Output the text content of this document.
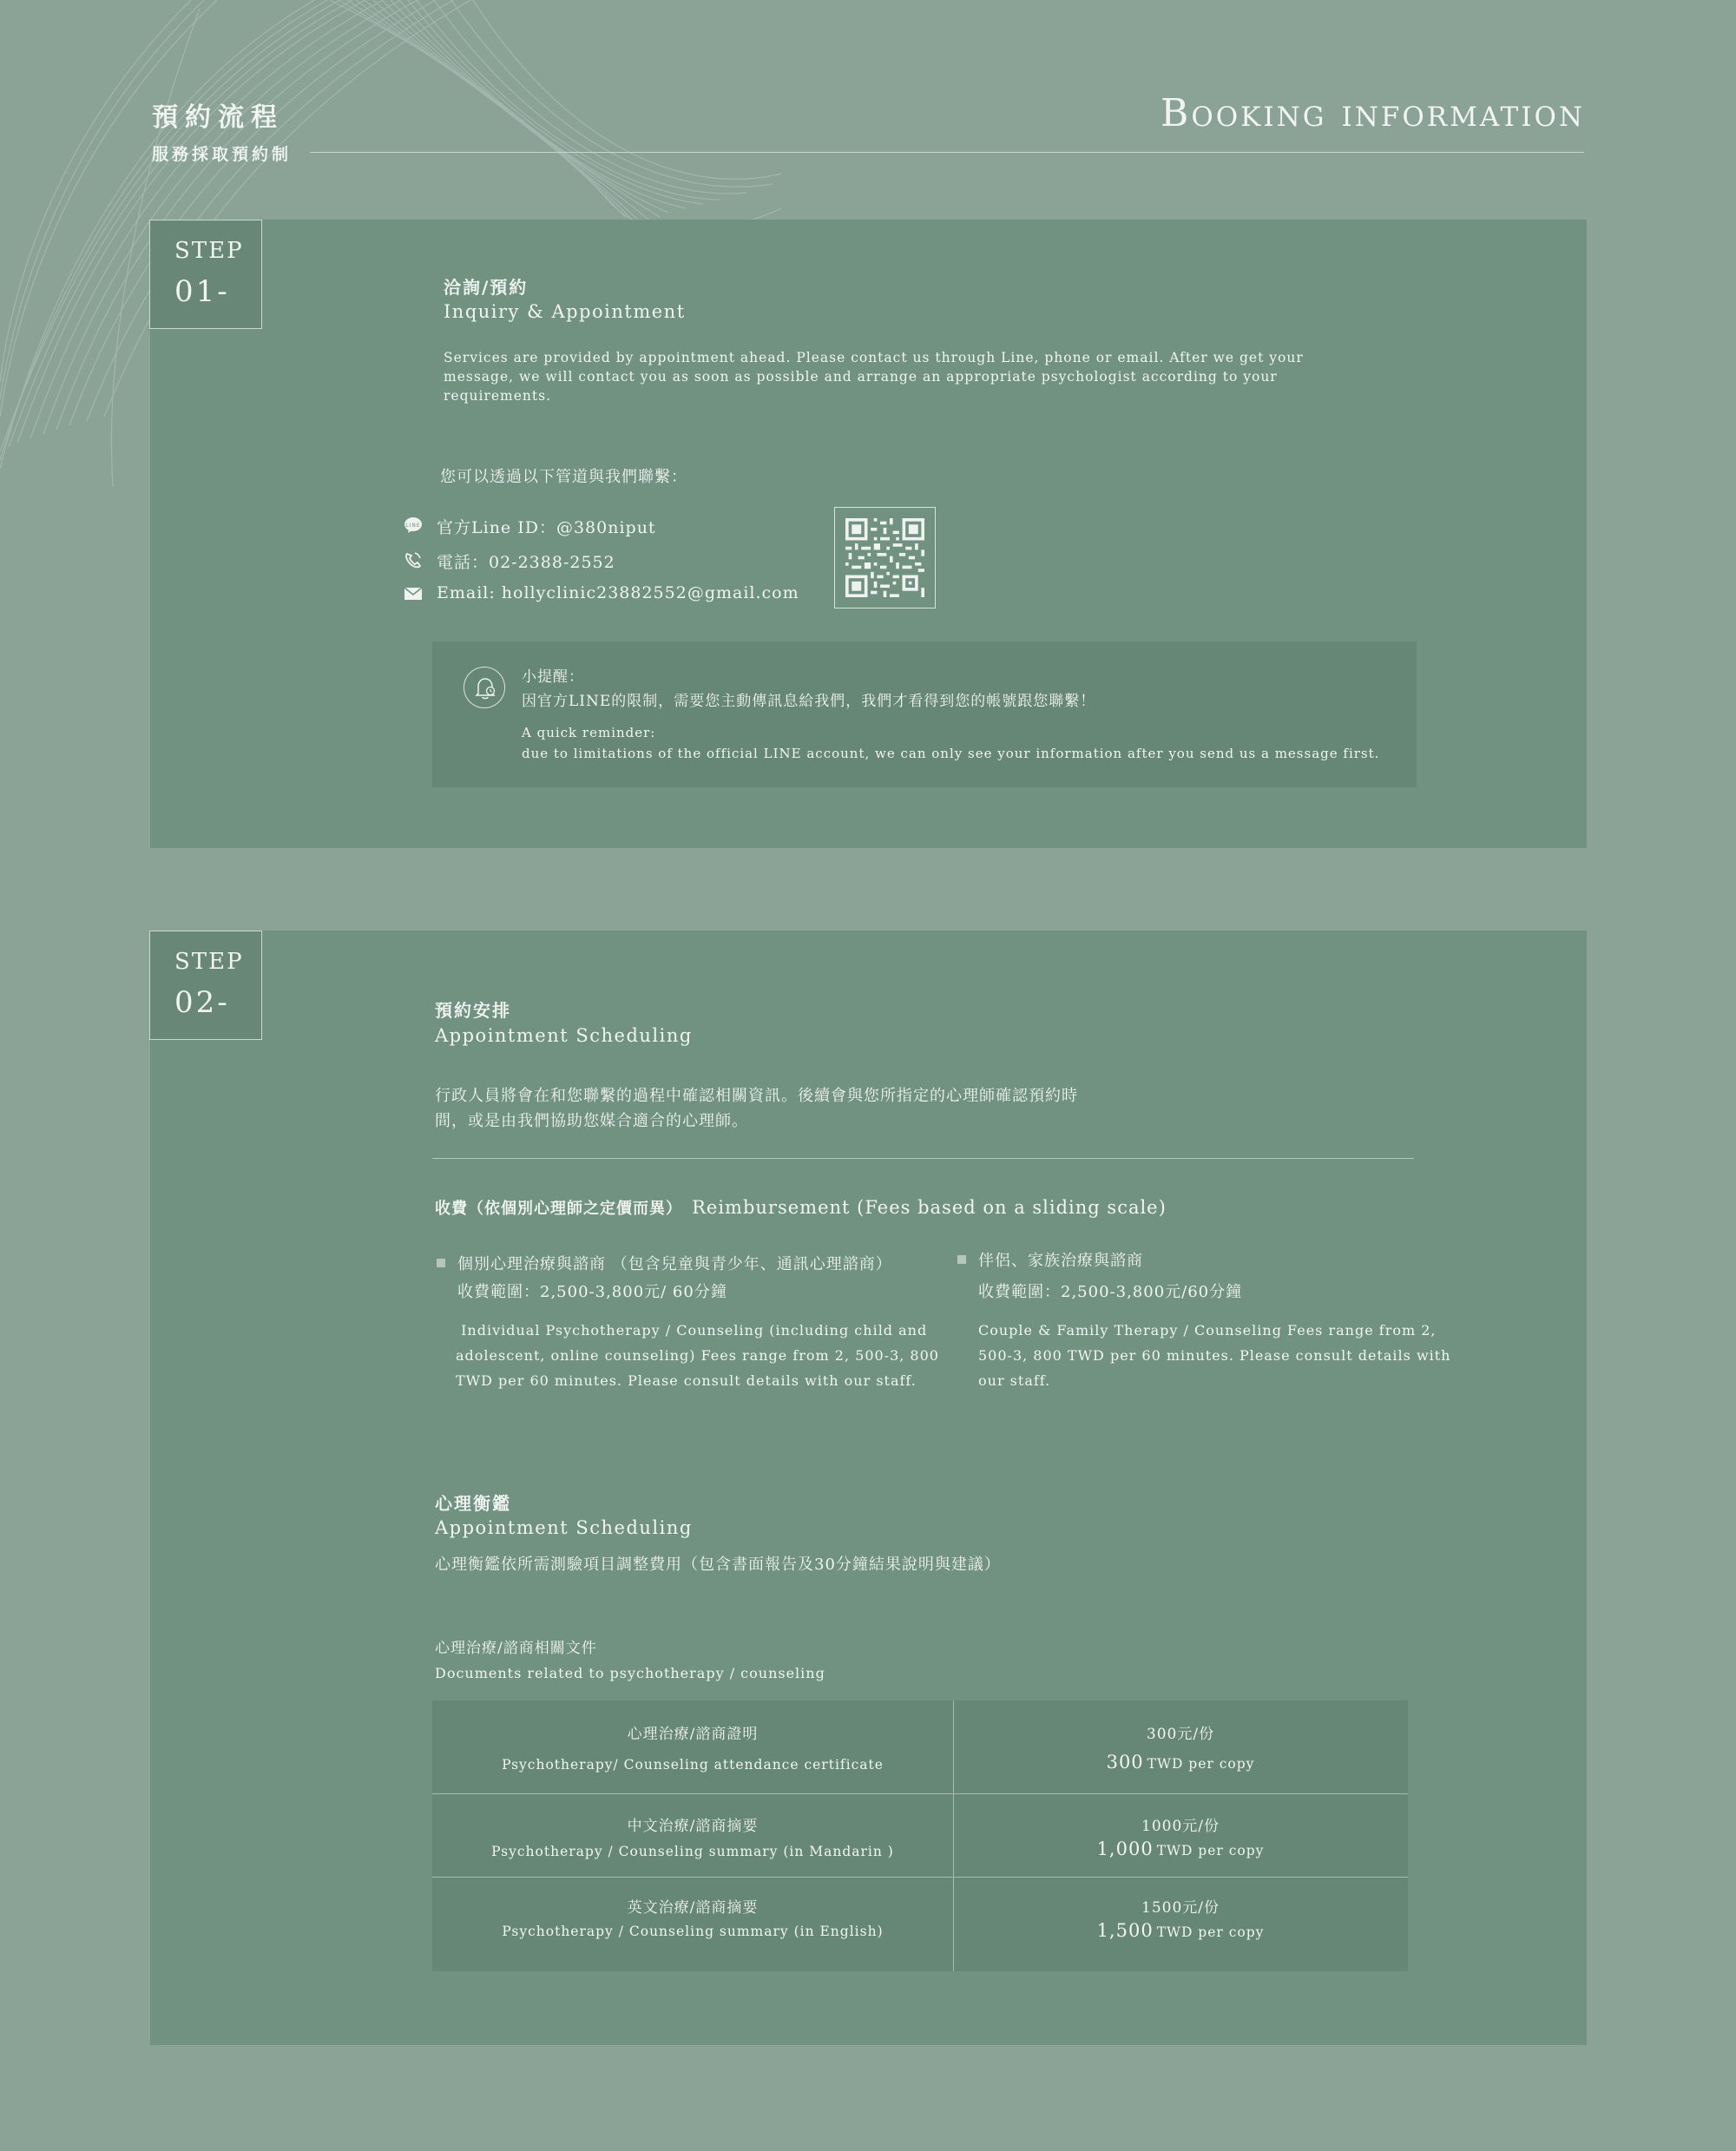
預約流程
服務採取預約制
Booking information
STEP
01-	洽詢/預約
Inquiry & Appointment
Services are provided by appointment ahead. Please contact us through Line, phone or email. After we get your
message, we will contact you as soon as possible and arrange an appropriate psychologist according to your
requirements.
您可以透過以下管道與我們聯繫：
LINE 官方Line ID：@380niput
電話：02-2388-2552
Email: hollyclinic23882552@gmail.com
小提醒：
因官方LINE的限制，需要您主動傳訊息給我們，我們才看得到您的帳號跟您聯繫！
A quick reminder:
due to limitations of the official LINE account, we can only see your information after you send us a message first.
STEP
02-	預約安排
Appointment Scheduling
行政人員將會在和您聯繫的過程中確認相關資訊。後續會與您所指定的心理師確認預約時
間，或是由我們協助您媒合適合的心理師。
收費（依個別心理師之定價而異） Reimbursement (Fees based on a sliding scale)
個別心理治療與諮商 （包含兒童與青少年、通訊心理諮商）
收費範圍：2,500-3,800元/ 60分鐘
Individual Psychotherapy / Counseling (including child and
adolescent, online counseling) Fees range from 2, 500-3, 800
TWD per 60 minutes. Please consult details with our staff.
伴侶、家族治療與諮商
收費範圍：2,500-3,800元/60分鐘
Couple & Family Therapy / Counseling Fees range from 2,
500-3, 800 TWD per 60 minutes. Please consult details with
our staff.
心理衡鑑
Appointment Scheduling
心理衡鑑依所需測驗項目調整費用（包含書面報告及30分鐘結果說明與建議）
心理治療/諮商相關文件
Documents related to psychotherapy / counseling
心理治療/諮商證明
Psychotherapy/ Counseling attendance certificate
300元/份
300 TWD per copy
中文治療/諮商摘要
Psychotherapy / Counseling summary (in Mandarin )
1000元/份
1,000 TWD per copy
英文治療/諮商摘要
Psychotherapy / Counseling summary (in English)
1500元/份
1,500 TWD per copy
